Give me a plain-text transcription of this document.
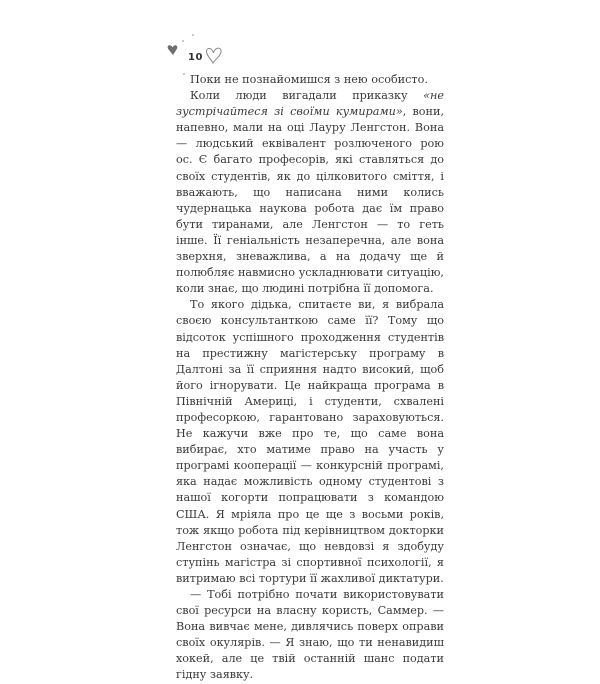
10

Поки не познайомишся з нею особисто.

Коли люди вигадали приказку «не зустрічайтеся зі своїми кумирами», вони, напевно, мали на оці Лауру Ленгстон. Вона — людський еквівалент розлюченого рою ос. Є багато професорів, які ставляться до своїх студентів, як до цілковитого сміття, і вважають, що написана ними колись чудернацька наукова робота дає їм право бути тиранами, але Ленгстон — то геть інше. Її геніальність незаперечна, але вона зверхня, зневажлива, а на додачу ще й полюбляє навмисно ускладнювати ситуацію, коли знає, що людині потрібна її допомога.

То якого дідька, спитаєте ви, я вибрала своєю консультанткою саме її? Тому що відсоток успішного проходження студентів на престижну магістерську програму в Далтоні за її сприяння надто високий, щоб його ігнорувати. Це найкраща програма в Північній Америці, і студенти, схвалені професоркою, гарантовано зараховуються. Не кажучи вже про те, що саме вона вибирає, хто матиме право на участь у програмі кооперації — конкурсній програмі, яка надає можливість одному студентові з нашої когорти попрацювати з командою США. Я мріяла про це ще з восьми років, тож якщо робота під керівництвом докторки Ленгстон означає, що невдовзі я здобуду ступінь магістра зі спортивної психології, я витримаю всі тортури її жахливої диктатури.

— Тобі потрібно почати використовувати свої ресурси на власну користь, Саммер. — Вона вивчає мене, дивлячись поверх оправи своїх окулярів. — Я знаю, що ти ненавидиш хокей, але це твій останній шанс подати гідну заявку.
